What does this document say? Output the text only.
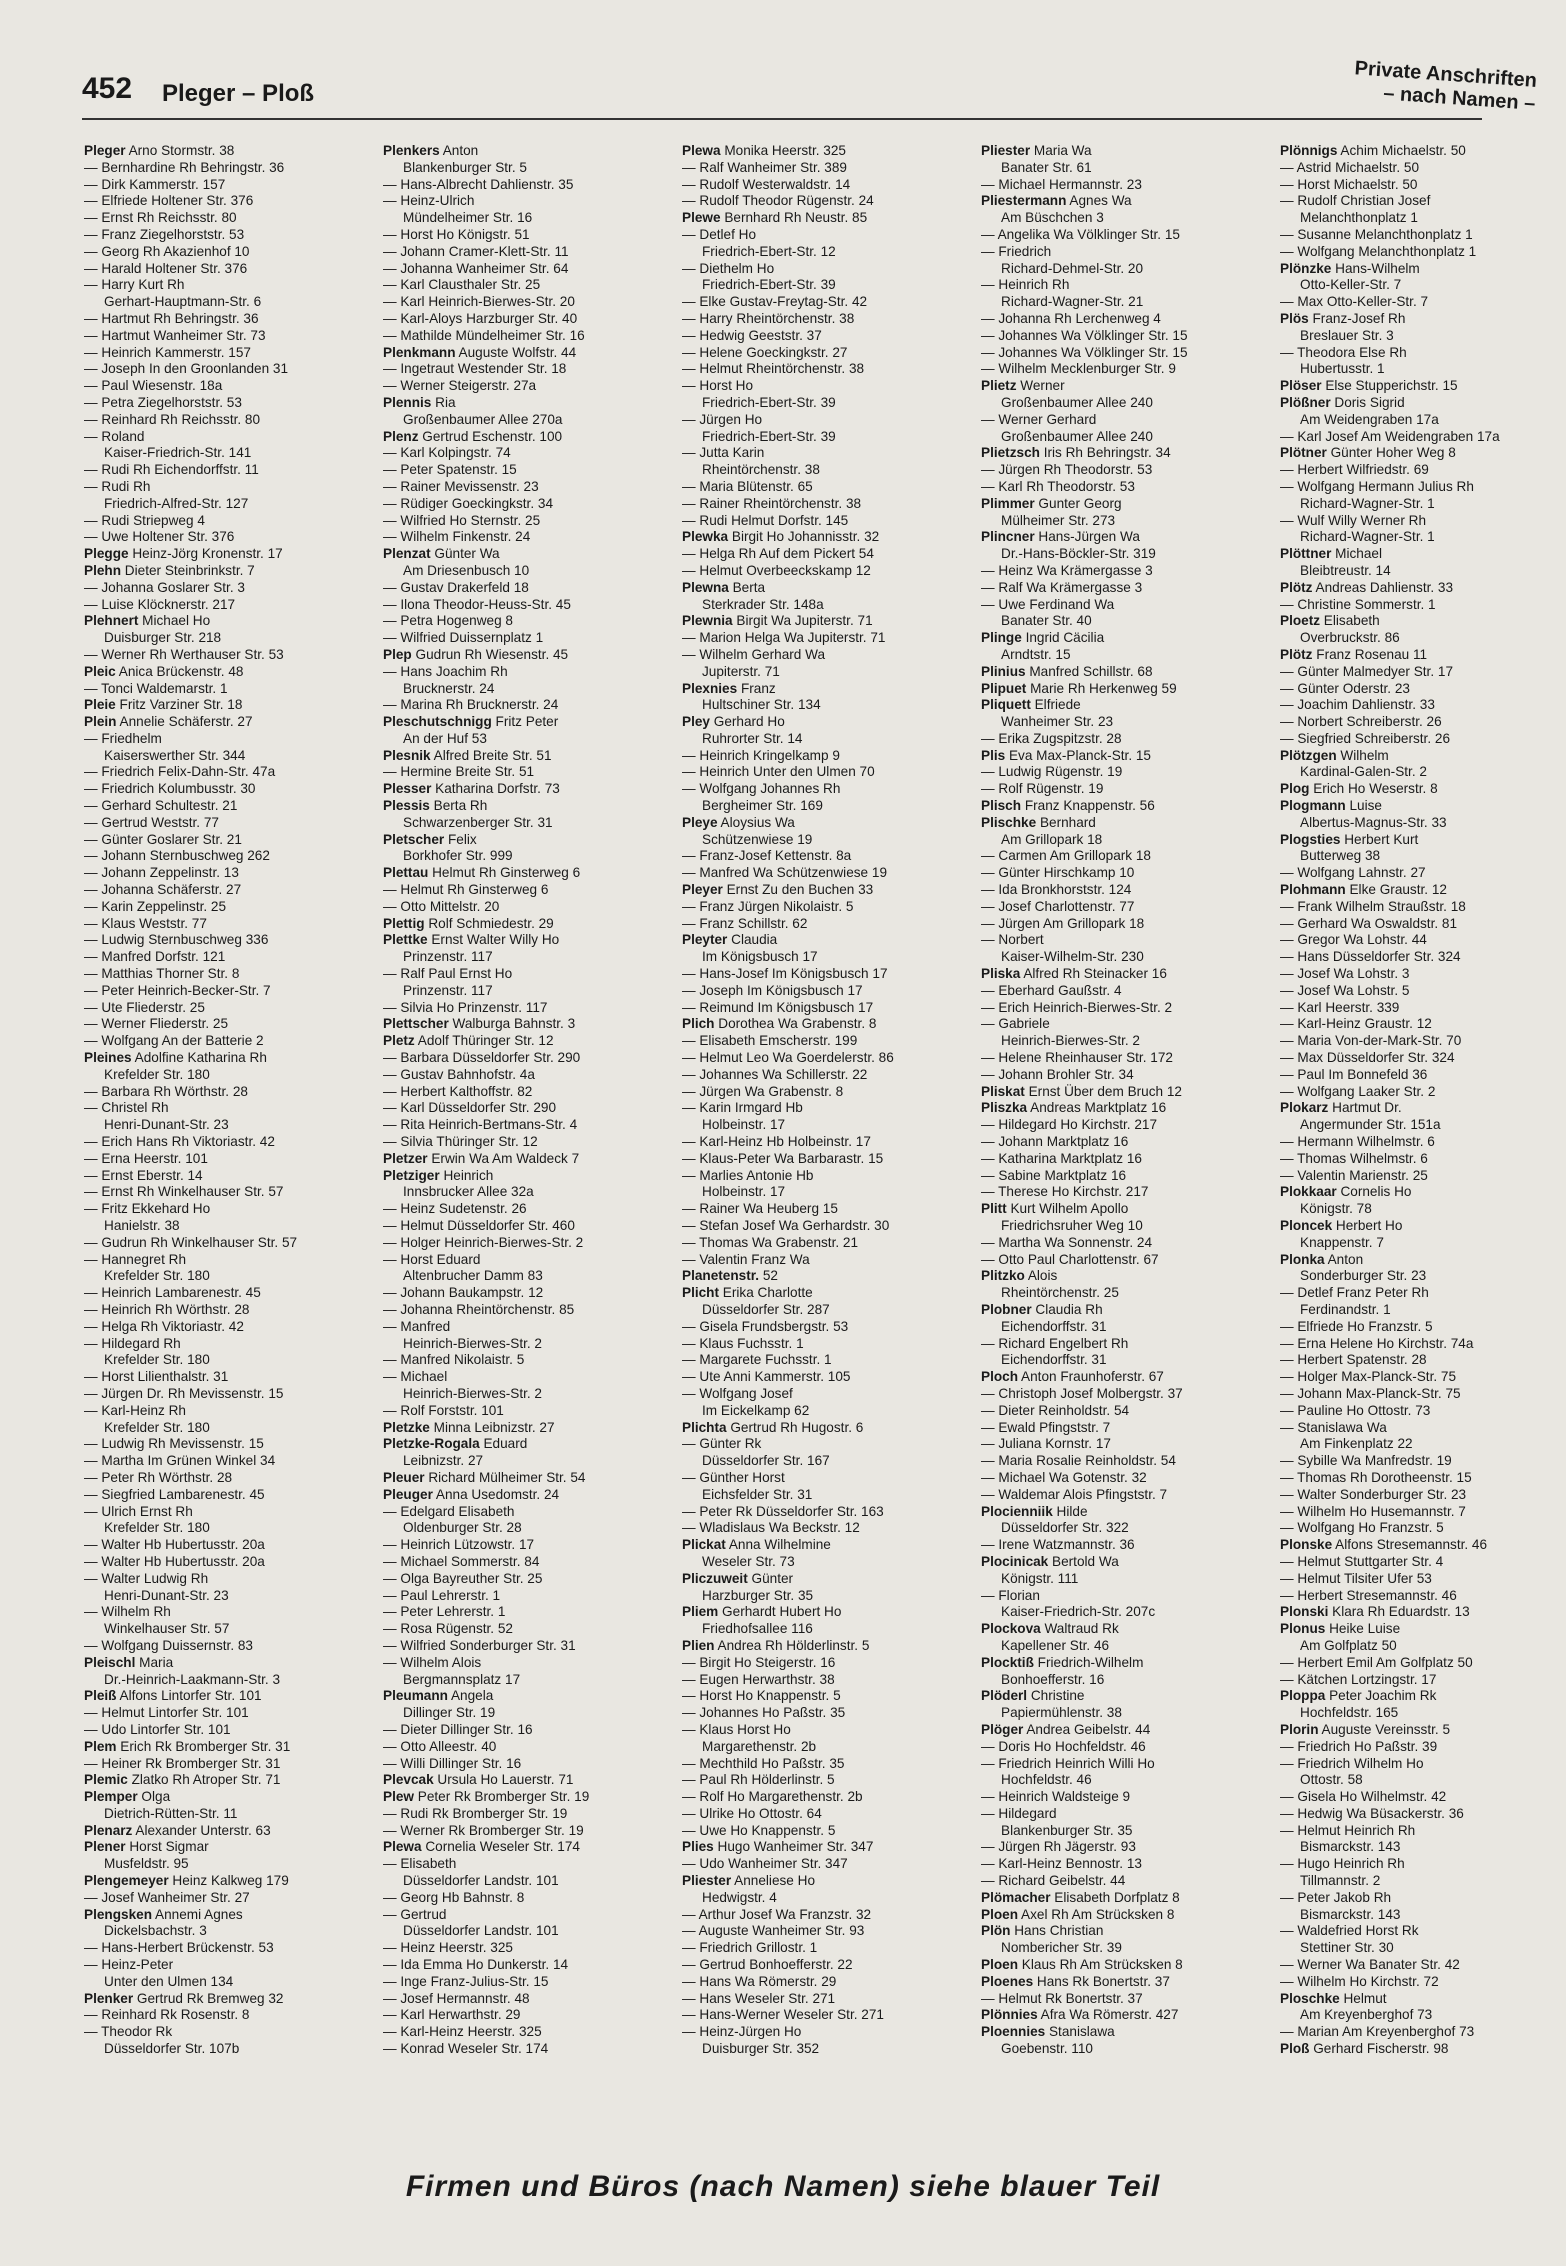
452 Pleger – Ploß
Private Anschriften
– nach Namen –

Pleger Arno Stormstr. 38

— Bernhardine Rh Behringstr. 36

— Dirk Kammerstr. 157

— Elfriede Holtener Str. 376

— Ernst Rh Reichsstr. 80

— Franz Ziegelhorststr. 53

— Georg Rh Akazienhof 10

— Harald Holtener Str. 376

— Harry Kurt Rh

Gerhart-Hauptmann-Str. 6

— Hartmut Rh Behringstr. 36

— Hartmut Wanheimer Str. 73

— Heinrich Kammerstr. 157

— Joseph In den Groonlanden 31

— Paul Wiesenstr. 18a

— Petra Ziegelhorststr. 53

— Reinhard Rh Reichsstr. 80

— Roland

Kaiser-Friedrich-Str. 141

— Rudi Rh Eichendorffstr. 11

— Rudi Rh

Friedrich-Alfred-Str. 127

— Rudi Striepweg 4

— Uwe Holtener Str. 376

Plegge Heinz-Jörg Kronenstr. 17

Plehn Dieter Steinbrinkstr. 7

— Johanna Goslarer Str. 3

— Luise Klöcknerstr. 217

Plehnert Michael Ho

Duisburger Str. 218

— Werner Rh Werthauser Str. 53

Pleic Anica Brückenstr. 48

— Tonci Waldemarstr. 1

Pleie Fritz Varziner Str. 18

Plein Annelie Schäferstr. 27

— Friedhelm

Kaiserswerther Str. 344

— Friedrich Felix-Dahn-Str. 47a

— Friedrich Kolumbusstr. 30

— Gerhard Schultestr. 21

— Gertrud Weststr. 77

— Günter Goslarer Str. 21

— Johann Sternbuschweg 262

— Johann Zeppelinstr. 13

— Johanna Schäferstr. 27

— Karin Zeppelinstr. 25

— Klaus Weststr. 77

— Ludwig Sternbuschweg 336

— Manfred Dorfstr. 121

— Matthias Thorner Str. 8

— Peter Heinrich-Becker-Str. 7

— Ute Fliederstr. 25

— Werner Fliederstr. 25

— Wolfgang An der Batterie 2

Pleines Adolfine Katharina Rh

Krefelder Str. 180

— Barbara Rh Wörthstr. 28

— Christel Rh

Henri-Dunant-Str. 23

— Erich Hans Rh Viktoriastr. 42

— Erna Heerstr. 101

— Ernst Eberstr. 14

— Ernst Rh Winkelhauser Str. 57

— Fritz Ekkehard Ho

Hanielstr. 38

— Gudrun Rh Winkelhauser Str. 57

— Hannegret Rh

Krefelder Str. 180

— Heinrich Lambarenestr. 45

— Heinrich Rh Wörthstr. 28

— Helga Rh Viktoriastr. 42

— Hildegard Rh

Krefelder Str. 180

— Horst Lilienthalstr. 31

— Jürgen Dr. Rh Mevissenstr. 15

— Karl-Heinz Rh

Krefelder Str. 180

— Ludwig Rh Mevissenstr. 15

— Martha Im Grünen Winkel 34

— Peter Rh Wörthstr. 28

— Siegfried Lambarenestr. 45

— Ulrich Ernst Rh

Krefelder Str. 180

— Walter Hb Hubertusstr. 20a

— Walter Hb Hubertusstr. 20a

— Walter Ludwig Rh

Henri-Dunant-Str. 23

— Wilhelm Rh

Winkelhauser Str. 57

— Wolfgang Duissernstr. 83

Pleischl Maria

Dr.-Heinrich-Laakmann-Str. 3

Pleiß Alfons Lintorfer Str. 101

— Helmut Lintorfer Str. 101

— Udo Lintorfer Str. 101

Plem Erich Rk Bromberger Str. 31

— Heiner Rk Bromberger Str. 31

Plemic Zlatko Rh Atroper Str. 71

Plemper Olga

Dietrich-Rütten-Str. 11

Plenarz Alexander Unterstr. 63

Plener Horst Sigmar

Musfeldstr. 95

Plengemeyer Heinz Kalkweg 179

— Josef Wanheimer Str. 27

Plengsken Annemi Agnes

Dickelsbachstr. 3

— Hans-Herbert Brückenstr. 53

— Heinz-Peter

Unter den Ulmen 134

Plenker Gertrud Rk Bremweg 32

— Reinhard Rk Rosenstr. 8

— Theodor Rk

Düsseldorfer Str. 107b

Plenkers Anton

Blankenburger Str. 5

— Hans-Albrecht Dahlienstr. 35

— Heinz-Ulrich

Mündelheimer Str. 16

— Horst Ho Königstr. 51

— Johann Cramer-Klett-Str. 11

— Johanna Wanheimer Str. 64

— Karl Clausthaler Str. 25

— Karl Heinrich-Bierwes-Str. 20

— Karl-Aloys Harzburger Str. 40

— Mathilde Mündelheimer Str. 16

Plenkmann Auguste Wolfstr. 44

— Ingetraut Westender Str. 18

— Werner Steigerstr. 27a

Plennis Ria

Großenbaumer Allee 270a

Plenz Gertrud Eschenstr. 100

— Karl Kolpingstr. 74

— Peter Spatenstr. 15

— Rainer Mevissenstr. 23

— Rüdiger Goeckingkstr. 34

— Wilfried Ho Sternstr. 25

— Wilhelm Finkenstr. 24

Plenzat Günter Wa

Am Driesenbusch 10

— Gustav Drakerfeld 18

— Ilona Theodor-Heuss-Str. 45

— Petra Hogenweg 8

— Wilfried Duissernplatz 1

Plep Gudrun Rh Wiesenstr. 45

— Hans Joachim Rh

Brucknerstr. 24

— Marina Rh Brucknerstr. 24

Pleschutschnigg Fritz Peter

An der Huf 53

Plesnik Alfred Breite Str. 51

— Hermine Breite Str. 51

Plesser Katharina Dorfstr. 73

Plessis Berta Rh

Schwarzenberger Str. 31

Pletscher Felix

Borkhofer Str. 999

Plettau Helmut Rh Ginsterweg 6

— Helmut Rh Ginsterweg 6

— Otto Mittelstr. 20

Plettig Rolf Schmiedestr. 29

Plettke Ernst Walter Willy Ho

Prinzenstr. 117

— Ralf Paul Ernst Ho

Prinzenstr. 117

— Silvia Ho Prinzenstr. 117

Plettscher Walburga Bahnstr. 3

Pletz Adolf Thüringer Str. 12

— Barbara Düsseldorfer Str. 290

— Gustav Bahnhofstr. 4a

— Herbert Kalthoffstr. 82

— Karl Düsseldorfer Str. 290

— Rita Heinrich-Bertmans-Str. 4

— Silvia Thüringer Str. 12

Pletzer Erwin Wa Am Waldeck 7

Pletziger Heinrich

Innsbrucker Allee 32a

— Heinz Sudetenstr. 26

— Helmut Düsseldorfer Str. 460

— Holger Heinrich-Bierwes-Str. 2

— Horst Eduard

Altenbrucher Damm 83

— Johann Baukampstr. 12

— Johanna Rheintörchenstr. 85

— Manfred

Heinrich-Bierwes-Str. 2

— Manfred Nikolaistr. 5

— Michael

Heinrich-Bierwes-Str. 2

— Rolf Forststr. 101

Pletzke Minna Leibnizstr. 27

Pletzke-Rogala Eduard

Leibnizstr. 27

Pleuer Richard Mülheimer Str. 54

Pleuger Anna Usedomstr. 24

— Edelgard Elisabeth

Oldenburger Str. 28

— Heinrich Lützowstr. 17

— Michael Sommerstr. 84

— Olga Bayreuther Str. 25

— Paul Lehrerstr. 1

— Peter Lehrerstr. 1

— Rosa Rügenstr. 52

— Wilfried Sonderburger Str. 31

— Wilhelm Alois

Bergmannsplatz 17

Pleumann Angela

Dillinger Str. 19

— Dieter Dillinger Str. 16

— Otto Alleestr. 40

— Willi Dillinger Str. 16

Plevcak Ursula Ho Lauerstr. 71

Plew Peter Rk Bromberger Str. 19

— Rudi Rk Bromberger Str. 19

— Werner Rk Bromberger Str. 19

Plewa Cornelia Weseler Str. 174

— Elisabeth

Düsseldorfer Landstr. 101

— Georg Hb Bahnstr. 8

— Gertrud

Düsseldorfer Landstr. 101

— Heinz Heerstr. 325

— Ida Emma Ho Dunkerstr. 14

— Inge Franz-Julius-Str. 15

— Josef Hermannstr. 48

— Karl Herwarthstr. 29

— Karl-Heinz Heerstr. 325

— Konrad Weseler Str. 174

Plewa Monika Heerstr. 325

— Ralf Wanheimer Str. 389

— Rudolf Westerwaldstr. 14

— Rudolf Theodor Rügenstr. 24

Plewe Bernhard Rh Neustr. 85

— Detlef Ho

Friedrich-Ebert-Str. 12

— Diethelm Ho

Friedrich-Ebert-Str. 39

— Elke Gustav-Freytag-Str. 42

— Harry Rheintörchenstr. 38

— Hedwig Geeststr. 37

— Helene Goeckingkstr. 27

— Helmut Rheintörchenstr. 38

— Horst Ho

Friedrich-Ebert-Str. 39

— Jürgen Ho

Friedrich-Ebert-Str. 39

— Jutta Karin

Rheintörchenstr. 38

— Maria Blütenstr. 65

— Rainer Rheintörchenstr. 38

— Rudi Helmut Dorfstr. 145

Plewka Birgit Ho Johannisstr. 32

— Helga Rh Auf dem Pickert 54

— Helmut Overbeeckskamp 12

Plewna Berta

Sterkrader Str. 148a

Plewnia Birgit Wa Jupiterstr. 71

— Marion Helga Wa Jupiterstr. 71

— Wilhelm Gerhard Wa

Jupiterstr. 71

Plexnies Franz

Hultschiner Str. 134

Pley Gerhard Ho

Ruhrorter Str. 14

— Heinrich Kringelkamp 9

— Heinrich Unter den Ulmen 70

— Wolfgang Johannes Rh

Bergheimer Str. 169

Pleye Aloysius Wa

Schützenwiese 19

— Franz-Josef Kettenstr. 8a

— Manfred Wa Schützenwiese 19

Pleyer Ernst Zu den Buchen 33

— Franz Jürgen Nikolaistr. 5

— Franz Schillstr. 62

Pleyter Claudia

Im Königsbusch 17

— Hans-Josef Im Königsbusch 17

— Joseph Im Königsbusch 17

— Reimund Im Königsbusch 17

Plich Dorothea Wa Grabenstr. 8

— Elisabeth Emscherstr. 199

— Helmut Leo Wa Goerdelerstr. 86

— Johannes Wa Schillerstr. 22

— Jürgen Wa Grabenstr. 8

— Karin Irmgard Hb

Holbeinstr. 17

— Karl-Heinz Hb Holbeinstr. 17

— Klaus-Peter Wa Barbarastr. 15

— Marlies Antonie Hb

Holbeinstr. 17

— Rainer Wa Heuberg 15

— Stefan Josef Wa Gerhardstr. 30

— Thomas Wa Grabenstr. 21

— Valentin Franz Wa

Planetenstr. 52

Plicht Erika Charlotte

Düsseldorfer Str. 287

— Gisela Frundsbergstr. 53

— Klaus Fuchsstr. 1

— Margarete Fuchsstr. 1

— Ute Anni Kammerstr. 105

— Wolfgang Josef

Im Eickelkamp 62

Plichta Gertrud Rh Hugostr. 6

— Günter Rk

Düsseldorfer Str. 167

— Günther Horst

Eichsfelder Str. 31

— Peter Rk Düsseldorfer Str. 163

— Wladislaus Wa Beckstr. 12

Plickat Anna Wilhelmine

Weseler Str. 73

Pliczuweit Günter

Harzburger Str. 35

Pliem Gerhardt Hubert Ho

Friedhofsallee 116

Plien Andrea Rh Hölderlinstr. 5

— Birgit Ho Steigerstr. 16

— Eugen Herwarthstr. 38

— Horst Ho Knappenstr. 5

— Johannes Ho Paßstr. 35

— Klaus Horst Ho

Margarethenstr. 2b

— Mechthild Ho Paßstr. 35

— Paul Rh Hölderlinstr. 5

— Rolf Ho Margarethenstr. 2b

— Ulrike Ho Ottostr. 64

— Uwe Ho Knappenstr. 5

Plies Hugo Wanheimer Str. 347

— Udo Wanheimer Str. 347

Pliester Anneliese Ho

Hedwigstr. 4

— Arthur Josef Wa Franzstr. 32

— Auguste Wanheimer Str. 93

— Friedrich Grillostr. 1

— Gertrud Bonhoefferstr. 22

— Hans Wa Römerstr. 29

— Hans Weseler Str. 271

— Hans-Werner Weseler Str. 271

— Heinz-Jürgen Ho

Duisburger Str. 352

Pliester Maria Wa

Banater Str. 61

— Michael Hermannstr. 23

Pliestermann Agnes Wa

Am Büschchen 3

— Angelika Wa Völklinger Str. 15

— Friedrich

Richard-Dehmel-Str. 20

— Heinrich Rh

Richard-Wagner-Str. 21

— Johanna Rh Lerchenweg 4

— Johannes Wa Völklinger Str. 15

— Johannes Wa Völklinger Str. 15

— Wilhelm Mecklenburger Str. 9

Plietz Werner

Großenbaumer Allee 240

— Werner Gerhard

Großenbaumer Allee 240

Plietzsch Iris Rh Behringstr. 34

— Jürgen Rh Theodorstr. 53

— Karl Rh Theodorstr. 53

Plimmer Gunter Georg

Mülheimer Str. 273

Plincner Hans-Jürgen Wa

Dr.-Hans-Böckler-Str. 319

— Heinz Wa Krämergasse 3

— Ralf Wa Krämergasse 3

— Uwe Ferdinand Wa

Banater Str. 40

Plinge Ingrid Cäcilia

Arndtstr. 15

Plinius Manfred Schillstr. 68

Plipuet Marie Rh Herkenweg 59

Pliquett Elfriede

Wanheimer Str. 23

— Erika Zugspitzstr. 28

Plis Eva Max-Planck-Str. 15

— Ludwig Rügenstr. 19

— Rolf Rügenstr. 19

Plisch Franz Knappenstr. 56

Plischke Bernhard

Am Grillopark 18

— Carmen Am Grillopark 18

— Günter Hirschkamp 10

— Ida Bronkhorststr. 124

— Josef Charlottenstr. 77

— Jürgen Am Grillopark 18

— Norbert

Kaiser-Wilhelm-Str. 230

Pliska Alfred Rh Steinacker 16

— Eberhard Gaußstr. 4

— Erich Heinrich-Bierwes-Str. 2

— Gabriele

Heinrich-Bierwes-Str. 2

— Helene Rheinhauser Str. 172

— Johann Brohler Str. 34

Pliskat Ernst Über dem Bruch 12

Pliszka Andreas Marktplatz 16

— Hildegard Ho Kirchstr. 217

— Johann Marktplatz 16

— Katharina Marktplatz 16

— Sabine Marktplatz 16

— Therese Ho Kirchstr. 217

Plitt Kurt Wilhelm Apollo

Friedrichsruher Weg 10

— Martha Wa Sonnenstr. 24

— Otto Paul Charlottenstr. 67

Plitzko Alois

Rheintörchenstr. 25

Plobner Claudia Rh

Eichendorffstr. 31

— Richard Engelbert Rh

Eichendorffstr. 31

Ploch Anton Fraunhoferstr. 67

— Christoph Josef Molbergstr. 37

— Dieter Reinholdstr. 54

— Ewald Pfingststr. 7

— Juliana Kornstr. 17

— Maria Rosalie Reinholdstr. 54

— Michael Wa Gotenstr. 32

— Waldemar Alois Pfingststr. 7

Plocienniik Hilde

Düsseldorfer Str. 322

— Irene Watzmannstr. 36

Plocinicak Bertold Wa

Königstr. 111

— Florian

Kaiser-Friedrich-Str. 207c

Plockova Waltraud Rk

Kapellener Str. 46

Plocktiß Friedrich-Wilhelm

Bonhoefferstr. 16

Plöderl Christine

Papiermühlenstr. 38

Plöger Andrea Geibelstr. 44

— Doris Ho Hochfeldstr. 46

— Friedrich Heinrich Willi Ho

Hochfeldstr. 46

— Heinrich Waldsteige 9

— Hildegard

Blankenburger Str. 35

— Jürgen Rh Jägerstr. 93

— Karl-Heinz Bennostr. 13

— Richard Geibelstr. 44

Plömacher Elisabeth Dorfplatz 8

Ploen Axel Rh Am Strücksken 8

Plön Hans Christian

Nombericher Str. 39

Ploen Klaus Rh Am Strücksken 8

Ploenes Hans Rk Bonertstr. 37

— Helmut Rk Bonertstr. 37

Plönnies Afra Wa Römerstr. 427

Ploennies Stanislawa

Goebenstr. 110

Plönnigs Achim Michaelstr. 50

— Astrid Michaelstr. 50

— Horst Michaelstr. 50

— Rudolf Christian Josef

Melanchthonplatz 1

— Susanne Melanchthonplatz 1

— Wolfgang Melanchthonplatz 1

Plönzke Hans-Wilhelm

Otto-Keller-Str. 7

— Max Otto-Keller-Str. 7

Plös Franz-Josef Rh

Breslauer Str. 3

— Theodora Else Rh

Hubertusstr. 1

Plöser Else Stupperichstr. 15

Plößner Doris Sigrid

Am Weidengraben 17a

— Karl Josef Am Weidengraben 17a

Plötner Günter Hoher Weg 8

— Herbert Wilfriedstr. 69

— Wolfgang Hermann Julius Rh

Richard-Wagner-Str. 1

— Wulf Willy Werner Rh

Richard-Wagner-Str. 1

Plöttner Michael

Bleibtreustr. 14

Plötz Andreas Dahlienstr. 33

— Christine Sommerstr. 1

Ploetz Elisabeth

Overbruckstr. 86

Plötz Franz Rosenau 11

— Günter Malmedyer Str. 17

— Günter Oderstr. 23

— Joachim Dahlienstr. 33

— Norbert Schreiberstr. 26

— Siegfried Schreiberstr. 26

Plötzgen Wilhelm

Kardinal-Galen-Str. 2

Plog Erich Ho Weserstr. 8

Plogmann Luise

Albertus-Magnus-Str. 33

Plogsties Herbert Kurt

Butterweg 38

— Wolfgang Lahnstr. 27

Plohmann Elke Graustr. 12

— Frank Wilhelm Straußstr. 18

— Gerhard Wa Oswaldstr. 81

— Gregor Wa Lohstr. 44

— Hans Düsseldorfer Str. 324

— Josef Wa Lohstr. 3

— Josef Wa Lohstr. 5

— Karl Heerstr. 339

— Karl-Heinz Graustr. 12

— Maria Von-der-Mark-Str. 70

— Max Düsseldorfer Str. 324

— Paul Im Bonnefeld 36

— Wolfgang Laaker Str. 2

Plokarz Hartmut Dr.

Angermunder Str. 151a

— Hermann Wilhelmstr. 6

— Thomas Wilhelmstr. 6

— Valentin Marienstr. 25

Plokkaar Cornelis Ho

Königstr. 78

Ploncek Herbert Ho

Knappenstr. 7

Plonka Anton

Sonderburger Str. 23

— Detlef Franz Peter Rh

Ferdinandstr. 1

— Elfriede Ho Franzstr. 5

— Erna Helene Ho Kirchstr. 74a

— Herbert Spatenstr. 28

— Holger Max-Planck-Str. 75

— Johann Max-Planck-Str. 75

— Pauline Ho Ottostr. 73

— Stanislawa Wa

Am Finkenplatz 22

— Sybille Wa Manfredstr. 19

— Thomas Rh Dorotheenstr. 15

— Walter Sonderburger Str. 23

— Wilhelm Ho Husemannstr. 7

— Wolfgang Ho Franzstr. 5

Plonske Alfons Stresemannstr. 46

— Helmut Stuttgarter Str. 4

— Helmut Tilsiter Ufer 53

— Herbert Stresemannstr. 46

Plonski Klara Rh Eduardstr. 13

Plonus Heike Luise

Am Golfplatz 50

— Herbert Emil Am Golfplatz 50

— Kätchen Lortzingstr. 17

Ploppa Peter Joachim Rk

Hochfeldstr. 165

Plorin Auguste Vereinsstr. 5

— Friedrich Ho Paßstr. 39

— Friedrich Wilhelm Ho

Ottostr. 58

— Gisela Ho Wilhelmstr. 42

— Hedwig Wa Büsackerstr. 36

— Helmut Heinrich Rh

Bismarckstr. 143

— Hugo Heinrich Rh

Tillmannstr. 2

— Peter Jakob Rh

Bismarckstr. 143

— Waldefried Horst Rk

Stettiner Str. 30

— Werner Wa Banater Str. 42

— Wilhelm Ho Kirchstr. 72

Ploschke Helmut

Am Kreyenberghof 73

— Marian Am Kreyenberghof 73

Ploß Gerhard Fischerstr. 98

Firmen und Büros (nach Namen) siehe blauer Teil
